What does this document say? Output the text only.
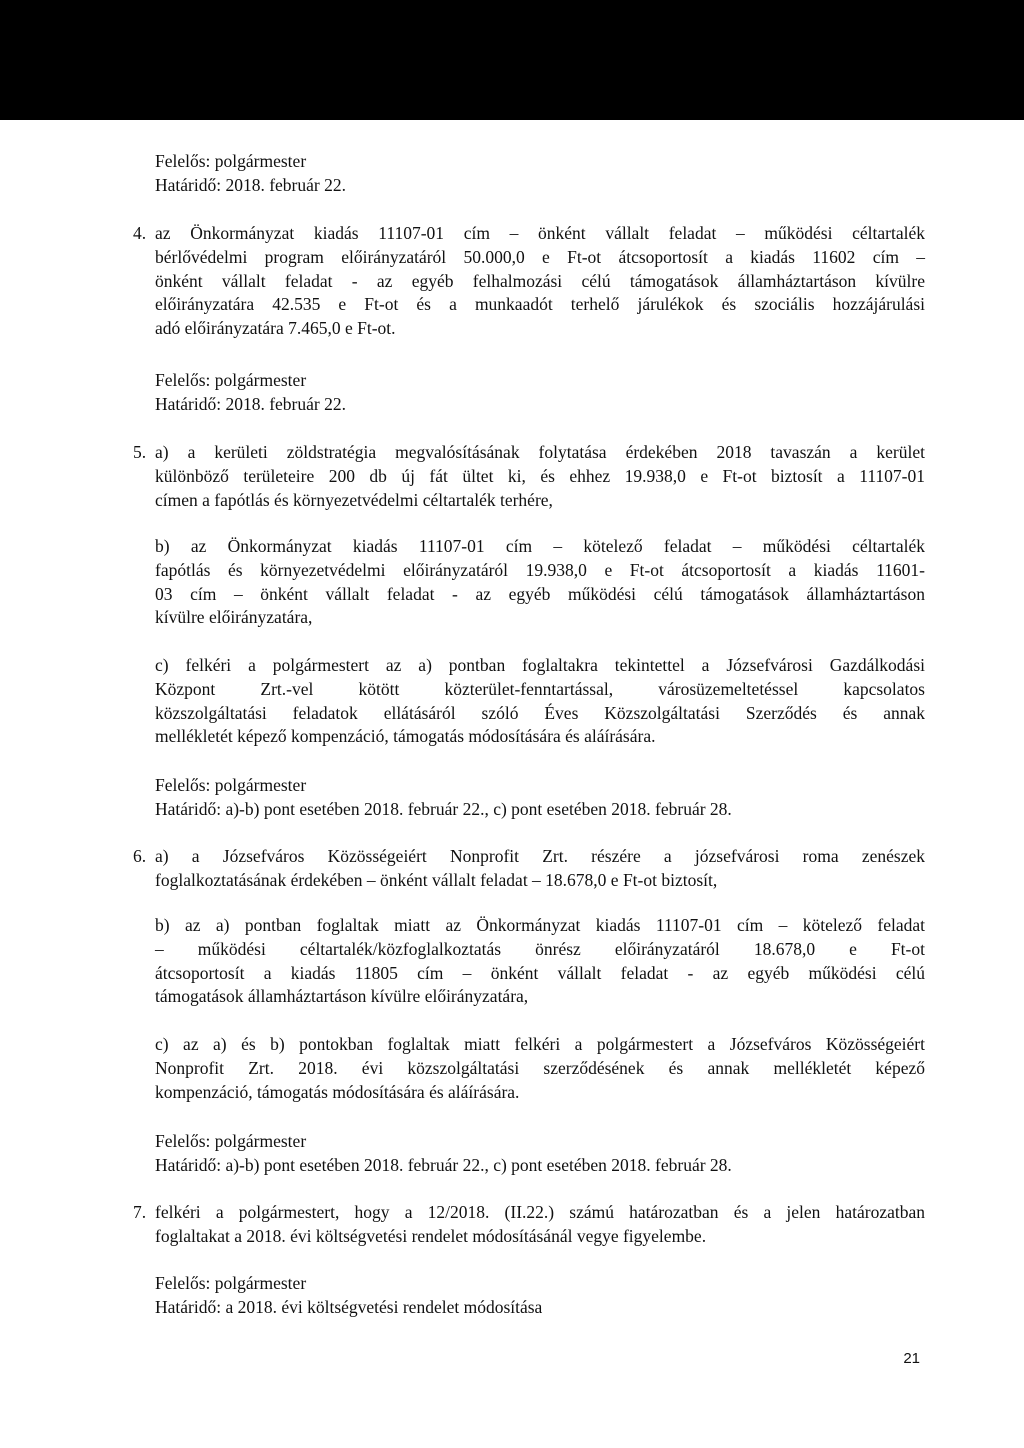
Felelős: polgármester
Határidő: 2018. február 22.
4. az Önkormányzat kiadás 11107-01 cím – önként vállalt feladat – működési céltartalék
bérlővédelmi program előirányzatáról 50.000,0 e Ft-ot átcsoportosít a kiadás 11602 cím –
önként vállalt feladat - az egyéb felhalmozási célú támogatások államháztartáson kívülre
előirányzatára 42.535 e Ft-ot és a munkaadót terhelő járulékok és szociális hozzájárulási
adó előirányzatára 7.465,0 e Ft-ot.
Felelős: polgármester
Határidő: 2018. február 22.
5. a) a kerületi zöldstratégia megvalósításának folytatása érdekében 2018 tavaszán a kerület
különböző területeire 200 db új fát ültet ki, és ehhez 19.938,0 e Ft-ot biztosít a 11107-01
címen a fapótlás és környezetvédelmi céltartalék terhére,
b) az Önkormányzat kiadás 11107-01 cím – kötelező feladat – működési céltartalék
fapótlás és környezetvédelmi előirányzatáról 19.938,0 e Ft-ot átcsoportosít a kiadás 11601-
03 cím – önként vállalt feladat - az egyéb működési célú támogatások államháztartáson
kívülre előirányzatára,
c) felkéri a polgármestert az a) pontban foglaltakra tekintettel a Józsefvárosi Gazdálkodási
Központ Zrt.-vel kötött közterület-fenntartással, városüzemeltetéssel kapcsolatos
közszolgáltatási feladatok ellátásáról szóló Éves Közszolgáltatási Szerződés és annak
mellékletét képező kompenzáció, támogatás módosítására és aláírására.
Felelős: polgármester
Határidő: a)-b) pont esetében 2018. február 22., c) pont esetében 2018. február 28.
6. a) a Józsefváros Közösségeiért Nonprofit Zrt. részére a józsefvárosi roma zenészek
foglalkoztatásának érdekében – önként vállalt feladat – 18.678,0 e Ft-ot biztosít,
b) az a) pontban foglaltak miatt az Önkormányzat kiadás 11107-01 cím – kötelező feladat
– működési céltartalék/közfoglalkoztatás önrész előirányzatáról 18.678,0 e Ft-ot
átcsoportosít a kiadás 11805 cím – önként vállalt feladat - az egyéb működési célú
támogatások államháztartáson kívülre előirányzatára,
c) az a) és b) pontokban foglaltak miatt felkéri a polgármestert a Józsefváros Közösségeiért
Nonprofit Zrt. 2018. évi közszolgáltatási szerződésének és annak mellékletét képező
kompenzáció, támogatás módosítására és aláírására.
Felelős: polgármester
Határidő: a)-b) pont esetében 2018. február 22., c) pont esetében 2018. február 28.
7. felkéri a polgármestert, hogy a 12/2018. (II.22.) számú határozatban és a jelen határozatban
foglaltakat a 2018. évi költségvetési rendelet módosításánál vegye figyelembe.
Felelős: polgármester
Határidő: a 2018. évi költségvetési rendelet módosítása
21
